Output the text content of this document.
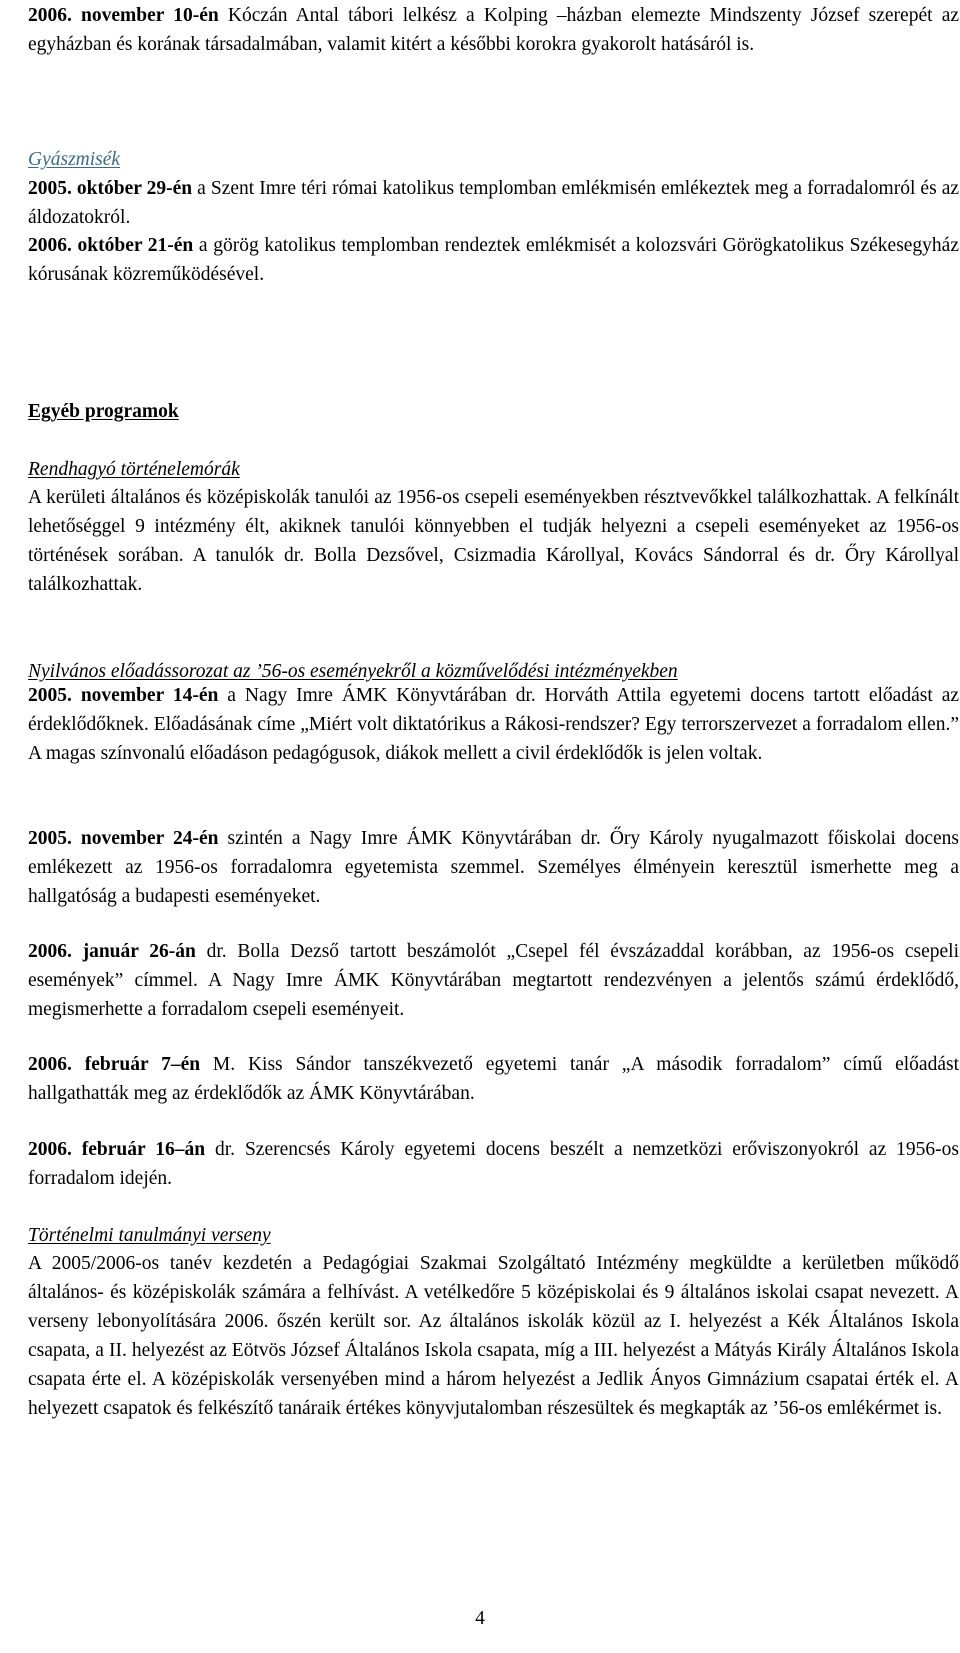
2006. november 10-én Kóczán Antal tábori lelkész a Kolping –házban elemezte Mindszenty József szerepét az egyházban és korának társadalmában, valamit kitért a későbbi korokra gyakorolt hatásáról is.

Gyászmisék

2005. október 29-én a Szent Imre téri római katolikus templomban emlékmisén emlékeztek meg a forradalomról és az áldozatokról.

2006. október 21-én a görög katolikus templomban rendeztek emlékmisét a kolozsvári Görögkatolikus Székesegyház kórusának közreműködésével.

Egyéb programok
Rendhagyó történelemórák

A kerületi általános és középiskolák tanulói az 1956-os csepeli eseményekben résztvevőkkel találkozhattak. A felkínált lehetőséggel 9 intézmény élt, akiknek tanulói könnyebben el tudják helyezni a csepeli eseményeket az 1956-os történések sorában. A tanulók dr. Bolla Dezsővel, Csizmadia Károllyal, Kovács Sándorral és dr. Őry Károllyal találkozhattak.

Nyilvános előadássorozat az ’56-os eseményekről a közművelődési intézményekben

2005. november 14-én a Nagy Imre ÁMK Könyvtárában dr. Horváth Attila egyetemi docens tartott előadást az érdeklődőknek. Előadásának címe „Miért volt diktatórikus a Rákosi-rendszer? Egy terrorszervezet a forradalom ellen.” A magas színvonalú előadáson pedagógusok, diákok mellett a civil érdeklődők is jelen voltak.

2005. november 24-én szintén a Nagy Imre ÁMK Könyvtárában dr. Őry Károly nyugalmazott főiskolai docens emlékezett az 1956-os forradalomra egyetemista szemmel. Személyes élményein keresztül ismerhette meg a hallgatóság a budapesti eseményeket.

2006. január 26-án dr. Bolla Dezső tartott beszámolót „Csepel fél évszázaddal korábban, az 1956-os csepeli események” címmel. A Nagy Imre ÁMK Könyvtárában megtartott rendezvényen a jelentős számú érdeklődő, megismerhette a forradalom csepeli eseményeit.

2006. február 7–én M. Kiss Sándor tanszékvezető egyetemi tanár „A második forradalom” című előadást hallgathatták meg az érdeklődők az ÁMK Könyvtárában.

2006. február 16–án dr. Szerencsés Károly egyetemi docens beszélt a nemzetközi erőviszonyokról az 1956-os forradalom idején.

Történelmi tanulmányi verseny

A 2005/2006-os tanév kezdetén a Pedagógiai Szakmai Szolgáltató Intézmény megküldte a kerületben működő általános- és középiskolák számára a felhívást. A vetélkedőre 5 középiskolai és 9 általános iskolai csapat nevezett. A verseny lebonyolítására 2006. őszén került sor. Az általános iskolák közül az I. helyezést a Kék Általános Iskola csapata, a II. helyezést az Eötvös József Általános Iskola csapata, míg a III. helyezést a Mátyás Király Általános Iskola csapata érte el. A középiskolák versenyében mind a három helyezést a Jedlik Ányos Gimnázium csapatai érték el. A helyezett csapatok és felkészítő tanáraik értékes könyvjutalomban részesültek és megkapták az ’56-os emlékérmet is.

4
